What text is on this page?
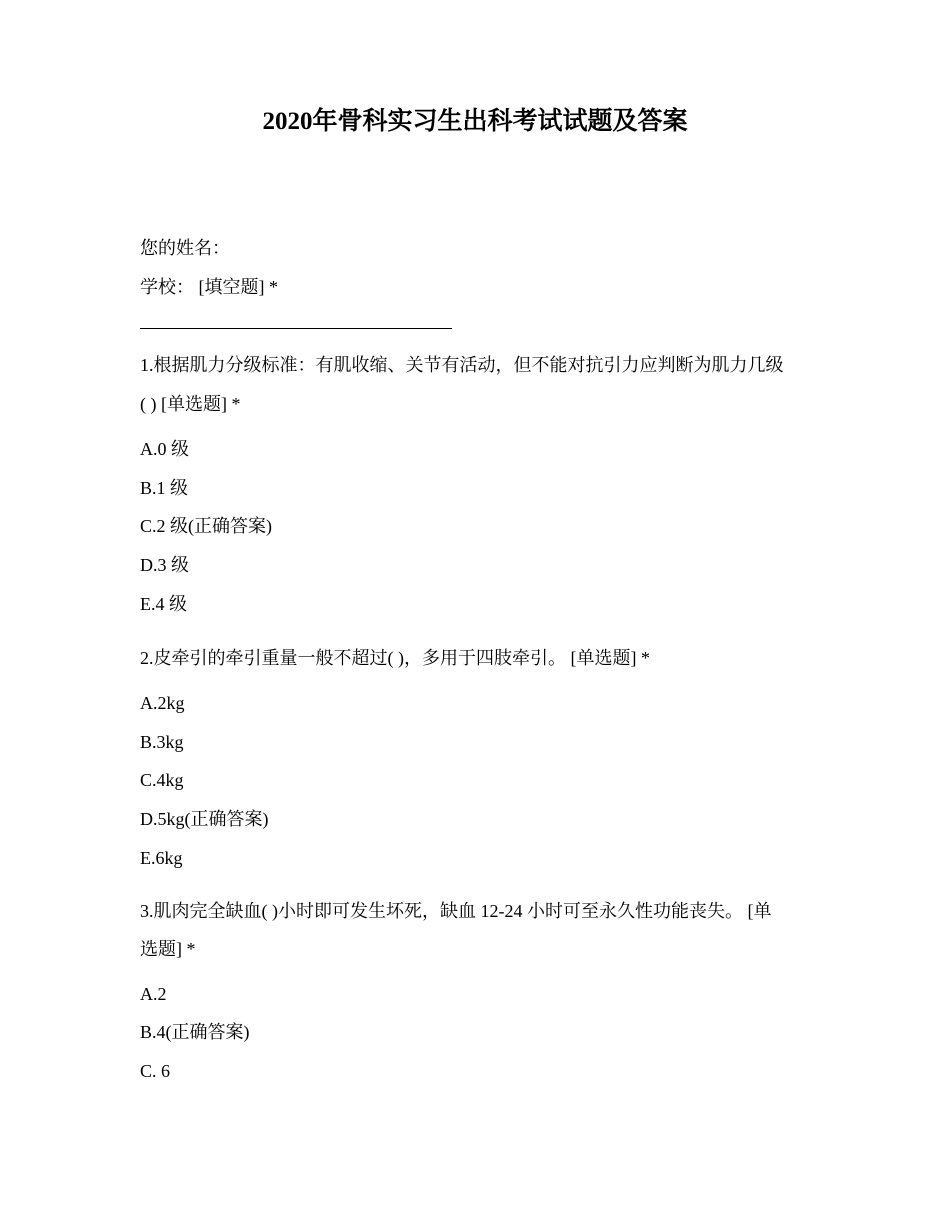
2020年骨科实习生出科考试试题及答案
您的姓名：
学校： [填空题] *
1.根据肌力分级标准：有肌收缩、关节有活动，但不能对抗引力应判断为肌力几级
( ) [单选题] *
A.0 级
B.1 级
C.2 级(正确答案)
D.3 级
E.4 级
2.皮牵引的牵引重量一般不超过( )，多用于四肢牵引。 [单选题] *
A.2kg
B.3kg
C.4kg
D.5kg(正确答案)
E.6kg
3.肌肉完全缺血( )小时即可发生坏死，缺血 12-24 小时可至永久性功能丧失。 [单
选题] *
A.2
B.4(正确答案)
C. 6
